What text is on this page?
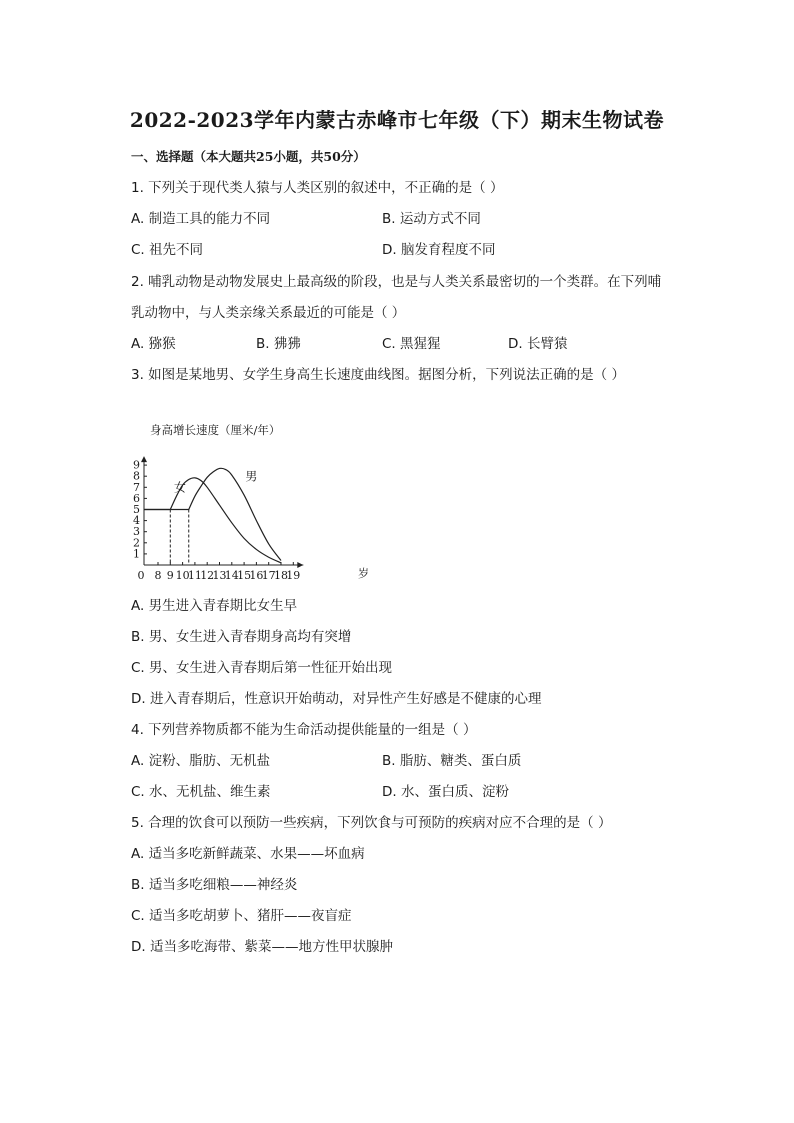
2022-2023学年内蒙古赤峰市七年级（下）期末生物试卷
一、选择题（本大题共25小题，共50分）
1. 下列关于现代类人猿与人类区别的叙述中，不正确的是（ ）
A. 制造工具的能力不同	B. 运动方式不同
C. 祖先不同	D. 脑发育程度不同
2. 哺乳动物是动物发展史上最高级的阶段，也是与人类关系最密切的一个类群。在下列哺
乳动物中，与人类亲缘关系最近的可能是（ ）
A. 猕猴	B. 狒狒	C. 黑猩猩	D. 长臂猿
3. 如图是某地男、女学生身高生长速度曲线图。据图分析，下列说法正确的是（ ）
身高增长速度（厘米/年）
岁
1
2
3
4
5
6
7
8
9
0 8 9 10
11
12
13
14
15
16
17
18
19
女
男
A. 男生进入青春期比女生早
B. 男、女生进入青春期身高均有突增
C. 男、女生进入青春期后第一性征开始出现
D. 进入青春期后，性意识开始萌动，对异性产生好感是不健康的心理
4. 下列营养物质都不能为生命活动提供能量的一组是（ ）
A. 淀粉、脂肪、无机盐	B. 脂肪、糖类、蛋白质
C. 水、无机盐、维生素	D. 水、蛋白质、淀粉
5. 合理的饮食可以预防一些疾病，下列饮食与可预防的疾病对应不合理的是（ ）
A. 适当多吃新鲜蔬菜、水果——坏血病
B. 适当多吃细粮——神经炎
C. 适当多吃胡萝卜、猪肝——夜盲症
D. 适当多吃海带、紫菜——地方性甲状腺肿
